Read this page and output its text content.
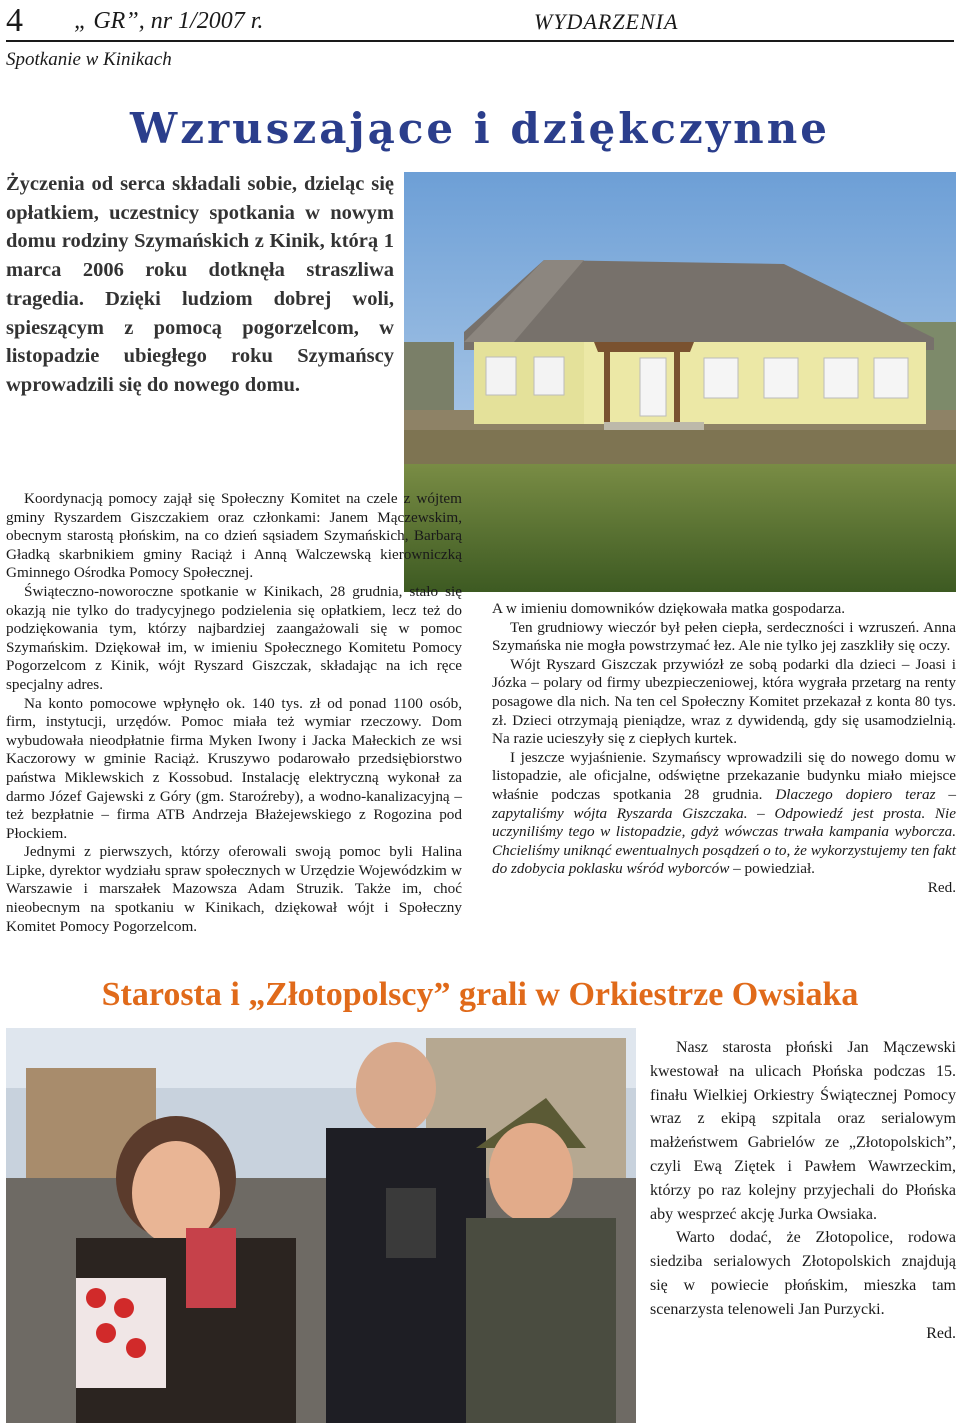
4 „ GR”, nr 1/2007 r.	WYDARZENIA
Spotkanie w Kinikach
Wzruszające i dziękczynne

Życzenia od serca składali sobie, dzieląc się opłatkiem, uczestnicy spotkania w nowym domu rodziny Szymańskich z Kinik, którą 1 marca 2006 roku dotknęła straszliwa tragedia. Dzięki ludziom dobrej woli, spieszącym z pomocą pogorzelcom, w listopadzie ubiegłego roku Szymańscy wprowadzili się do nowego domu.

Koordynacją pomocy zajął się Społeczny Komitet na czele z wójtem gminy Ryszardem Giszczakiem oraz członkami: Janem Mączewskim, obecnym starostą płońskim, na co dzień sąsiadem Szymańskich, Barbarą Gładką skarbnikiem gminy Raciąż i Anną Walczewską kierowniczką Gminnego Ośrodka Pomocy Społecznej.

Świąteczno-noworoczne spotkanie w Kinikach, 28 grudnia, stało się okazją nie tylko do tradycyjnego podzielenia się opłatkiem, lecz też do podziękowania tym, którzy najbardziej zaangażowali się w pomoc Szymańskim. Dziękował im, w imieniu Społecznego Komitetu Pomocy Pogorzelcom z Kinik, wójt Ryszard Giszczak, składając na ich ręce specjalny adres.

Na konto pomocowe wpłynęło ok. 140 tys. zł od ponad 1100 osób, firm, instytucji, urzędów. Pomoc miała też wymiar rzeczowy. Dom wybudowała nieodpłatnie firma Myken Iwony i Jacka Małeckich ze wsi Kaczorowy w gminie Raciąż. Kruszywo podarowało przedsiębiorstwo państwa Miklewskich z Kossobud. Instalację elektryczną wykonał za darmo Józef Gajewski z Góry (gm. Staroźreby), a wodno-kanalizacyjną – też bezpłatnie – firma ATB Andrzeja Błażejewskiego z Rogozina pod Płockiem.

Jednymi z pierwszych, którzy oferowali swoją pomoc byli Halina Lipke, dyrektor wydziału spraw społecznych w Urzędzie Wojewódzkim w Warszawie i marszałek Mazowsza Adam Struzik. Także im, choć nieobecnym na spotkaniu w Kinikach, dziękował wójt i Społeczny Komitet Pomocy Pogorzelcom.

A w imieniu domowników dziękowała matka gospodarza.

Ten grudniowy wieczór był pełen ciepła, serdeczności i wzruszeń. Anna Szymańska nie mogła powstrzymać łez. Ale nie tylko jej zaszkliły się oczy.

Wójt Ryszard Giszczak przywiózł ze sobą podarki dla dzieci – Joasi i Józka – polary od firmy ubezpieczeniowej, która wygrała przetarg na renty posagowe dla nich. Na ten cel Społeczny Komitet przekazał z konta 80 tys. zł. Dzieci otrzymają pieniądze, wraz z dywidendą, gdy się usamodzielnią. Na razie ucieszyły się z ciepłych kurtek.

I jeszcze wyjaśnienie. Szymańscy wprowadzili się do nowego domu w listopadzie, ale oficjalne, odświętne przekazanie budynku miało miejsce właśnie podczas spotkania 28 grudnia. Dlaczego dopiero teraz – zapytaliśmy wójta Ryszarda Giszczaka. – Odpowiedź jest prosta. Nie uczyniliśmy tego w listopadzie, gdyż wówczas trwała kampania wyborcza. Chcieliśmy uniknąć ewentualnych posądzeń o to, że wykorzystujemy ten fakt do zdobycia poklasku wśród wyborców – powiedział.

Red.

Starosta i „Złotopolscy” grali w Orkiestrze Owsiaka

Nasz starosta płoński Jan Mączewski kwestował na ulicach Płońska podczas 15. finału Wielkiej Orkiestry Świątecznej Pomocy wraz z ekipą szpitala oraz serialowym małżeństwem Gabrielów ze „Złotopolskich”, czyli Ewą Ziętek i Pawłem Wawrzeckim, którzy po raz kolejny przyjechali do Płońska aby wesprzeć akcję Jurka Owsiaka.

Warto dodać, że Złotopolice, rodowa siedziba serialowych Złotopolskich znajdują się w powiecie płońskim, mieszka tam scenarzysta telenoweli Jan Purzycki.

Red.
